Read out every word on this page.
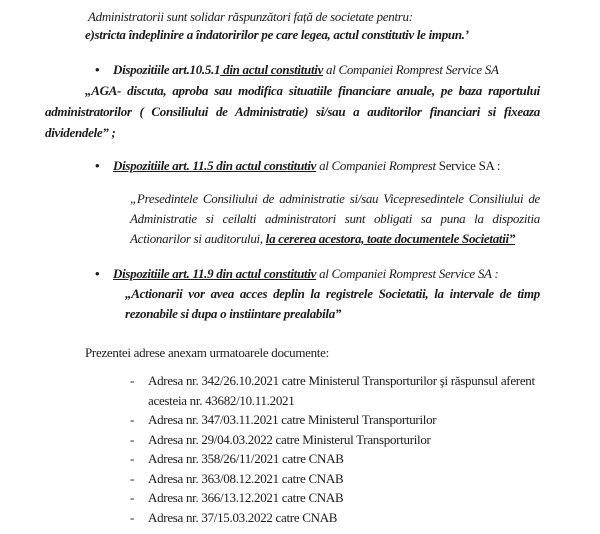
Administratorii sunt solidar răspunzători față de societate pentru:
e)stricta îndeplinire a îndatoririlor pe care legea, actul constitutiv le impun.’
• Dispozitiile art.10.5.1 din actul constitutiv al Companiei Romprest Service SA
„AGA- discuta, aproba sau modifica situatiile financiare anuale, pe baza raportului administratorilor ( Consiliului de Administratie) si/sau a auditorilor financiari si fixeaza dividendele” ;
• Dispozitiile art. 11.5 din actul constitutiv al Companiei Romprest Service SA :
„Presedintele Consiliului de administratie si/sau Vicepresedintele Consiliului de Administratie si ceilalti administratori sunt obligati sa puna la dispozitia Actionarilor si auditorului, la cererea acestora, toate documentele Societatii”
• Dispozitiile art. 11.9 din actul constitutiv al Companiei Romprest Service SA :
„Actionarii vor avea acces deplin la registrele Societatii, la intervale de timp rezonabile si dupa o instiintare prealabila”
Prezentei adrese anexam urmatoarele documente:
-	Adresa nr. 342/26.10.2021 catre Ministerul Transporturilor şi răspunsul aferent acesteia nr. 43682/10.11.2021
-	Adresa nr. 347/03.11.2021 catre Ministerul Transporturilor
-	Adresa nr. 29/04.03.2022 catre Ministerul Transporturilor
-	Adresa nr. 358/26/11/2021 catre CNAB
-	Adresa nr. 363/08.12.2021 catre CNAB
-	Adresa nr. 366/13.12.2021 catre CNAB
-	Adresa nr. 37/15.03.2022 catre CNAB
